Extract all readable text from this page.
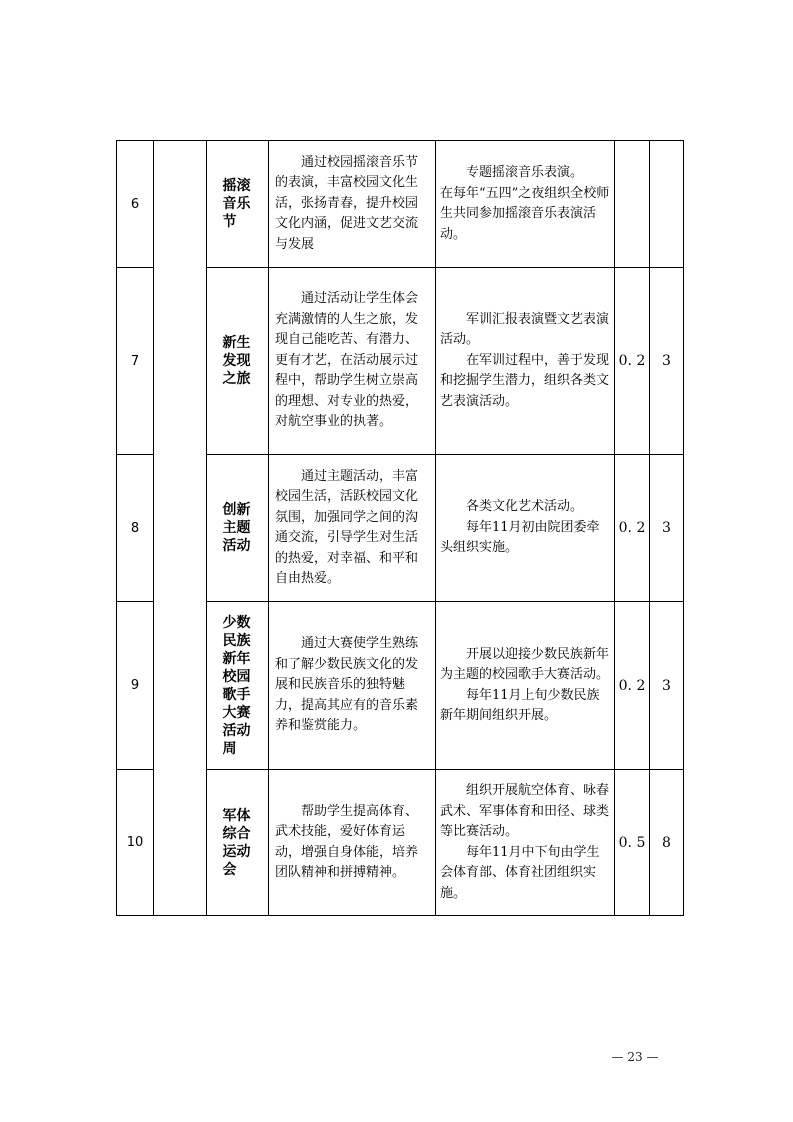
6		摇滚音乐节	通过校园摇滚音乐节的表演，丰富校园文化生活，张扬青春，提升校园文化内涵，促进文艺交流与发展	专题摇滚音乐表演。
在每年“五四”之夜组织全校师生共同参加摇滚音乐表演活动。		

7		新生发现之旅	通过活动让学生体会充满激情的人生之旅，发现自己能吃苦、有潜力、更有才艺，在活动展示过程中，帮助学生树立崇高的理想、对专业的热爱，对航空事业的执著。	军训汇报表演暨文艺表演活动。
在军训过程中，善于发现和挖掘学生潜力，组织各类文艺表演活动。	0. 2	3
8		创新主题活动	通过主题活动，丰富校园生活，活跃校园文化氛围，加强同学之间的沟通交流，引导学生对生活的热爱，对幸福、和平和自由热爱。	各类文化艺术活动。
每年11月初由院团委牵头组织实施。	0. 2	3
9		少数民族新年校园歌手大赛活动周	通过大赛使学生熟练和了解少数民族文化的发展和民族音乐的独特魅力，提高其应有的音乐素养和鉴赏能力。	开展以迎接少数民族新年为主题的校园歌手大赛活动。
每年11月上旬少数民族新年期间组织开展。	0. 2	3
10		军体综合运动会	帮助学生提高体育、武术技能，爱好体育运动，增强自身体能，培养团队精神和拼搏精神。	组织开展航空体育、咏春武术、军事体育和田径、球类等比赛活动。
每年11月中下旬由学生会体育部、体育社团组织实施。	0. 5	8
— 23 —
